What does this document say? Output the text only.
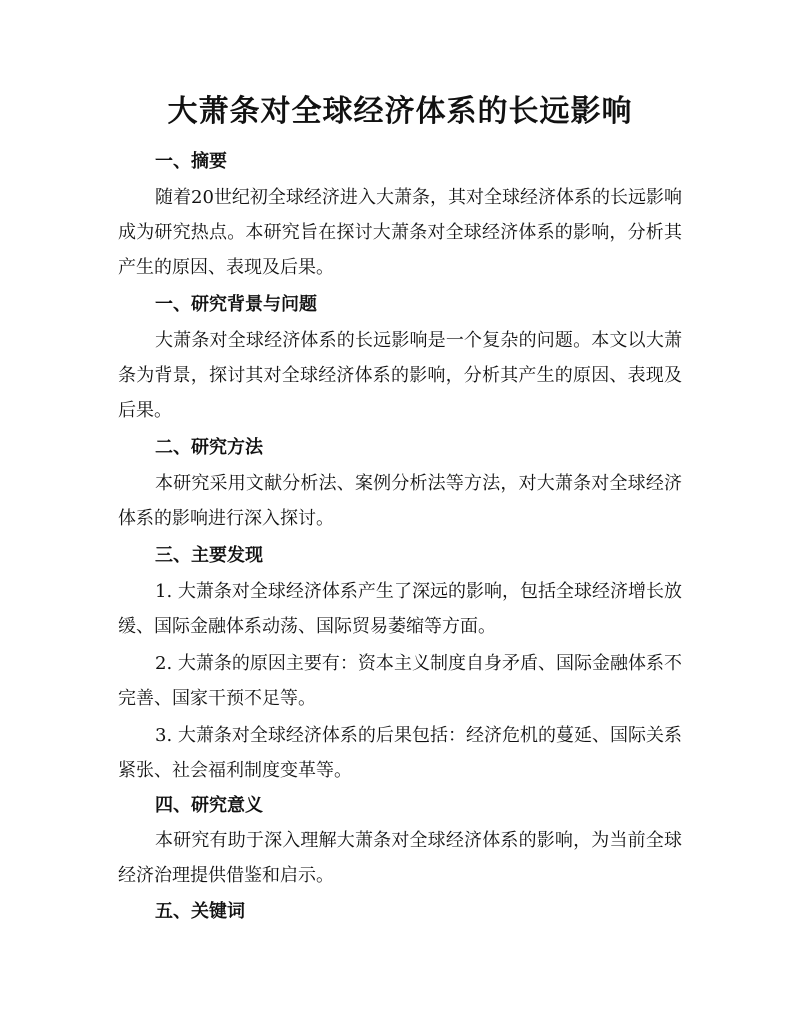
大萧条对全球经济体系的长远影响
一、摘要

随着20世纪初全球经济进入大萧条，其对全球经济体系的长远影响成为研究热点。本研究旨在探讨大萧条对全球经济体系的影响，分析其产生的原因、表现及后果。

一、研究背景与问题

大萧条对全球经济体系的长远影响是一个复杂的问题。本文以大萧条为背景，探讨其对全球经济体系的影响，分析其产生的原因、表现及后果。

二、研究方法

本研究采用文献分析法、案例分析法等方法，对大萧条对全球经济体系的影响进行深入探讨。

三、主要发现

1. 大萧条对全球经济体系产生了深远的影响，包括全球经济增长放缓、国际金融体系动荡、国际贸易萎缩等方面。

2. 大萧条的原因主要有：资本主义制度自身矛盾、国际金融体系不完善、国家干预不足等。

3. 大萧条对全球经济体系的后果包括：经济危机的蔓延、国际关系紧张、社会福利制度变革等。

四、研究意义

本研究有助于深入理解大萧条对全球经济体系的影响，为当前全球经济治理提供借鉴和启示。

五、关键词
